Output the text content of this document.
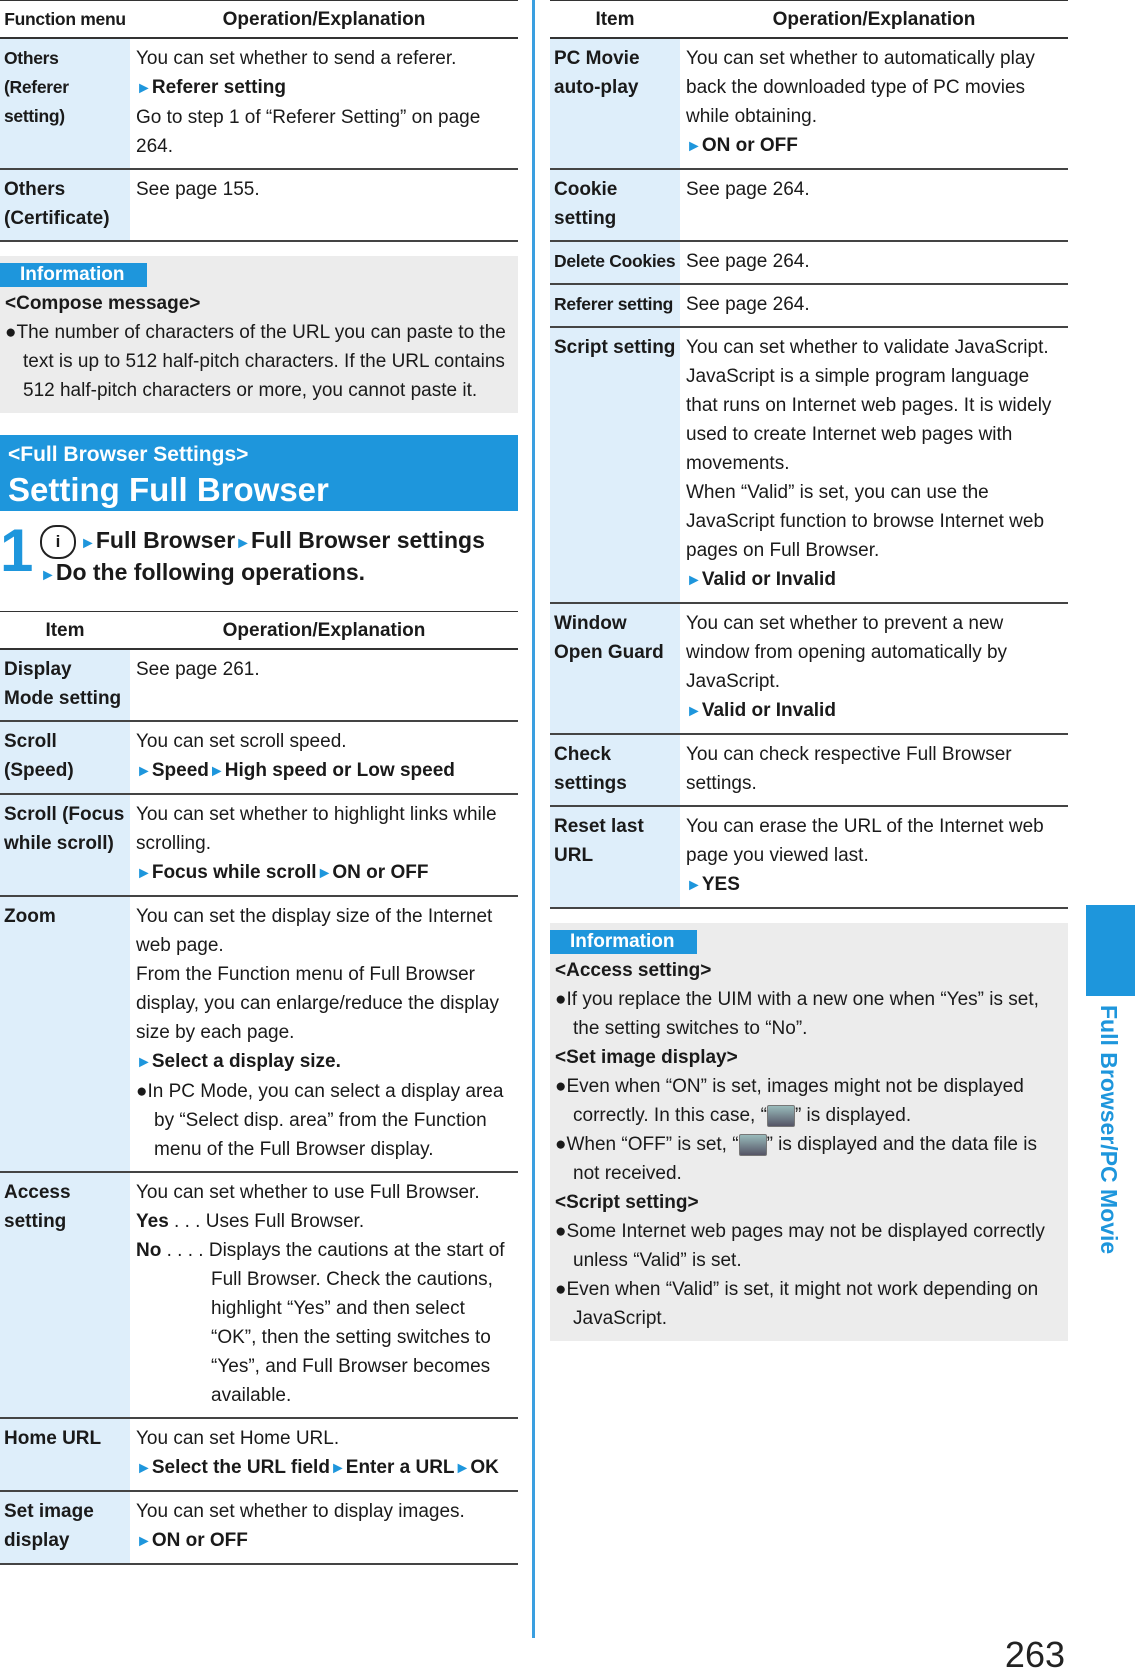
Function menu	Operation/Explanation
Others (Referer setting)	You can set whether to send a referer.
►Referer setting
Go to step 1 of “Referer Setting” on page 264.

Others (Certificate)	See page 155.
Information
<Compose message>
●The number of characters of the URL you can paste to the text is up to 512 half-pitch characters. If the URL contains 512 half-pitch characters or more, you cannot paste it.
<Full Browser Settings>
Setting Full Browser
1	i ►Full Browser►Full Browser settings
►Do the following operations.
Item	Operation/Explanation
Display Mode setting	See page 261.
Scroll (Speed)	You can set scroll speed.
►Speed►High speed or Low speed

Scroll (Focus while scroll)	You can set whether to highlight links while scrolling.
►Focus while scroll►ON or OFF

Zoom	You can set the display size of the Internet web page.
From the Function menu of Full Browser display, you can enlarge/reduce the display size by each page.
►Select a display size.
●In PC Mode, you can select a display area by “Select disp. area” from the Function menu of the Full Browser display.

Access setting	You can set whether to use Full Browser.
Yes . . . Uses Full Browser.
No . . . . Displays the cautions at the start of Full Browser. Check the cautions, highlight “Yes” and then select “OK”, then the setting switches to “Yes”, and Full Browser becomes available.

Home URL	You can set Home URL.
►Select the URL field►Enter a URL►OK

Set image display	You can set whether to display images.
►ON or OFF
Item	Operation/Explanation
PC Movie auto-play	You can set whether to automatically play back the downloaded type of PC movies while obtaining.
►ON or OFF

Cookie setting	See page 264.
Delete Cookies	See page 264.
Referer setting	See page 264.
Script setting	You can set whether to validate JavaScript. JavaScript is a simple program language that runs on Internet web pages. It is widely used to create Internet web pages with movements.
When “Valid” is set, you can use the JavaScript function to browse Internet web pages on Full Browser.
►Valid or Invalid

Window Open Guard	You can set whether to prevent a new window from opening automatically by JavaScript.
►Valid or Invalid

Check settings	You can check respective Full Browser settings.
Reset last URL	You can erase the URL of the Internet web page you viewed last.
►YES
Information
<Access setting>
●If you replace the UIM with a new one when “Yes” is set, the setting switches to “No”.
<Set image display>
●Even when “ON” is set, images might not be displayed correctly. In this case, “ ” is displayed.
●When “OFF” is set, “ ” is displayed and the data file is not received.
<Script setting>
●Some Internet web pages may not be displayed correctly unless “Valid” is set.
●Even when “Valid” is set, it might not work depending on JavaScript.
Full Browser/PC Movie
263
